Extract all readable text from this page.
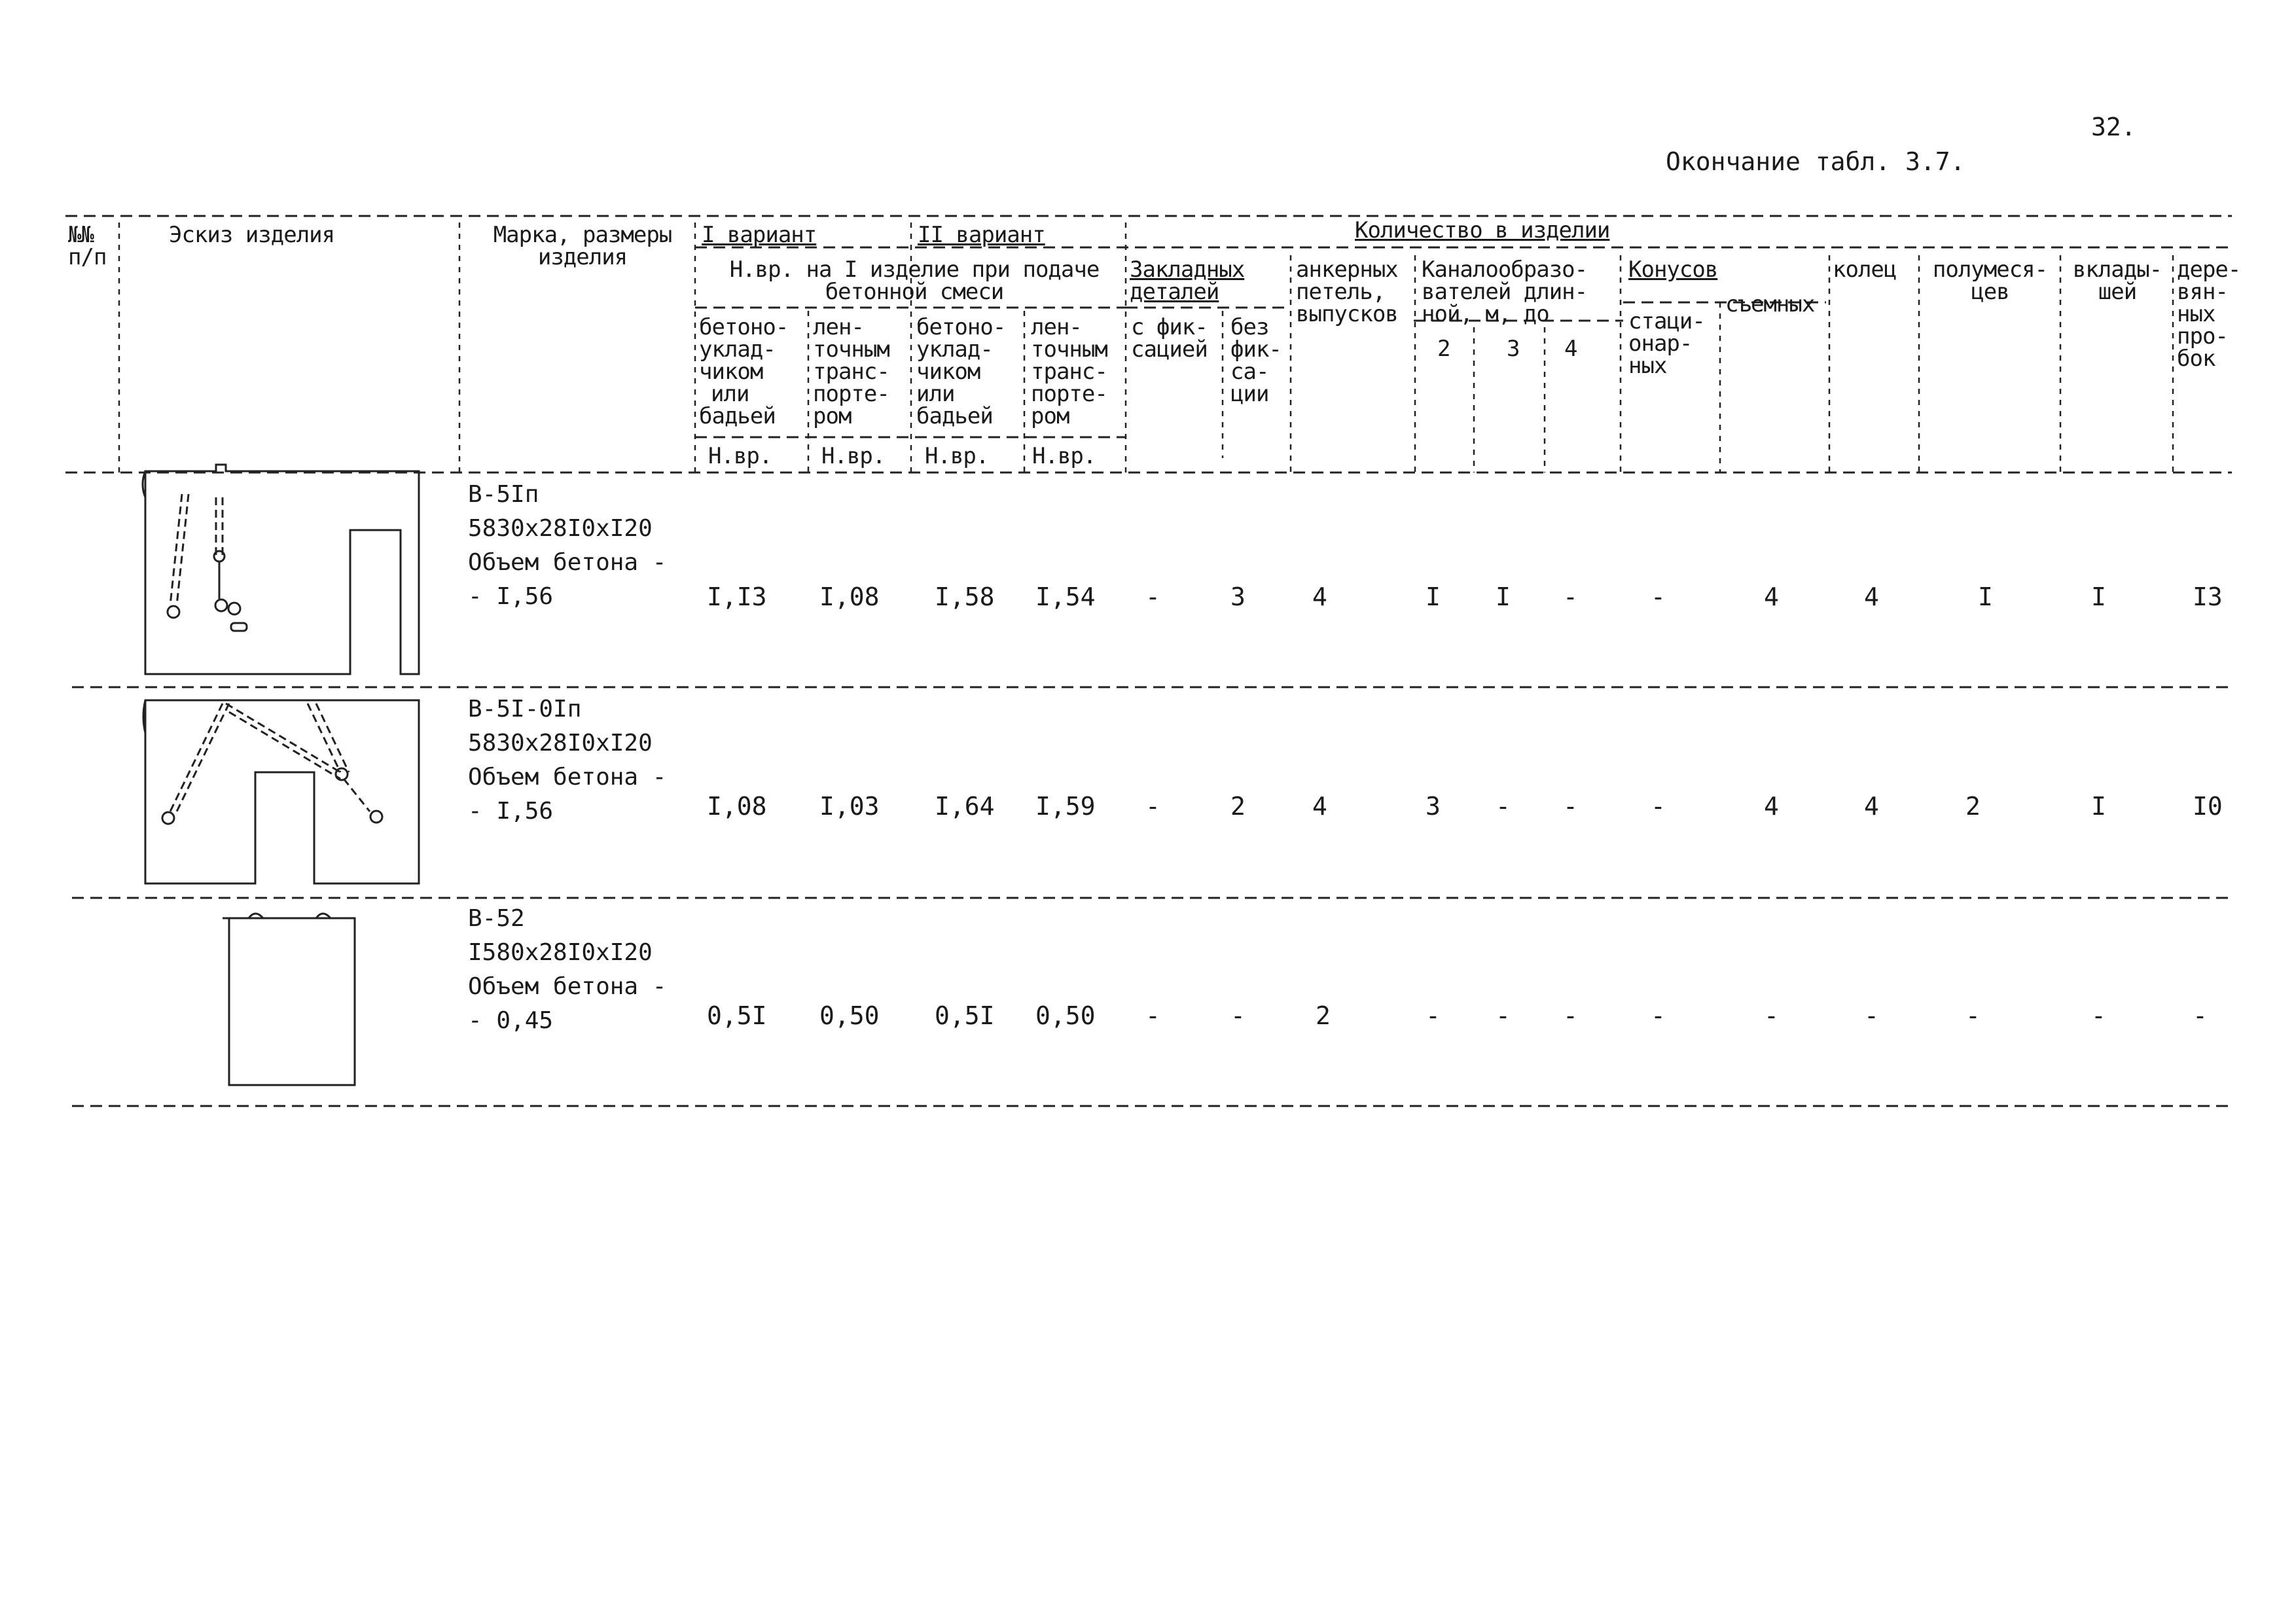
32.
Окончание табл. 3.7.
№№
п/п
Эскиз изделия	Марка, размеры
изделия
I вариант	II вариант
Н.вр. на I изделие при подаче
бетонной смеси
бетоно-
уклад-
чиком
или
бадьей
лен-
точным
транс-
порте-
ром
бетоно-
уклад-
чиком
или
бадьей
лен-
точным
транс-
порте-
ром
Н.вр. Н.вр. Н.вр. Н.вр.
Количество в изделии
Закладных
деталей
с фик-
сацией
без
фик-
са-
ции
анкерных
петель,
выпусков
Каналообразо-
вателей длин-
ной, м, до
2	3 4
Конусов
стаци-
онар-
ных
съемных
колец	полумеся-
цев
вклады-
шей
дере-
вян-
ных
про-
бок
В-5Iп
5830х28I0хI20
Объем бетона -
- I,56	I,I3 I,08 I,58 I,54 -	3	4	I I -	-	4	4	I	I	I3
В-5I-0Iп
5830х28I0хI20
Объем бетона -
- I,56	I,08 I,03 I,64 I,59 -	2	4	3 - -	-	4	4	2	I	I0
В-52
I580х28I0хI20
Объем бетона -
- 0,45	0,5I 0,50 0,5I 0,50 -	-	2	- - -	-	-	-	-	-	-
